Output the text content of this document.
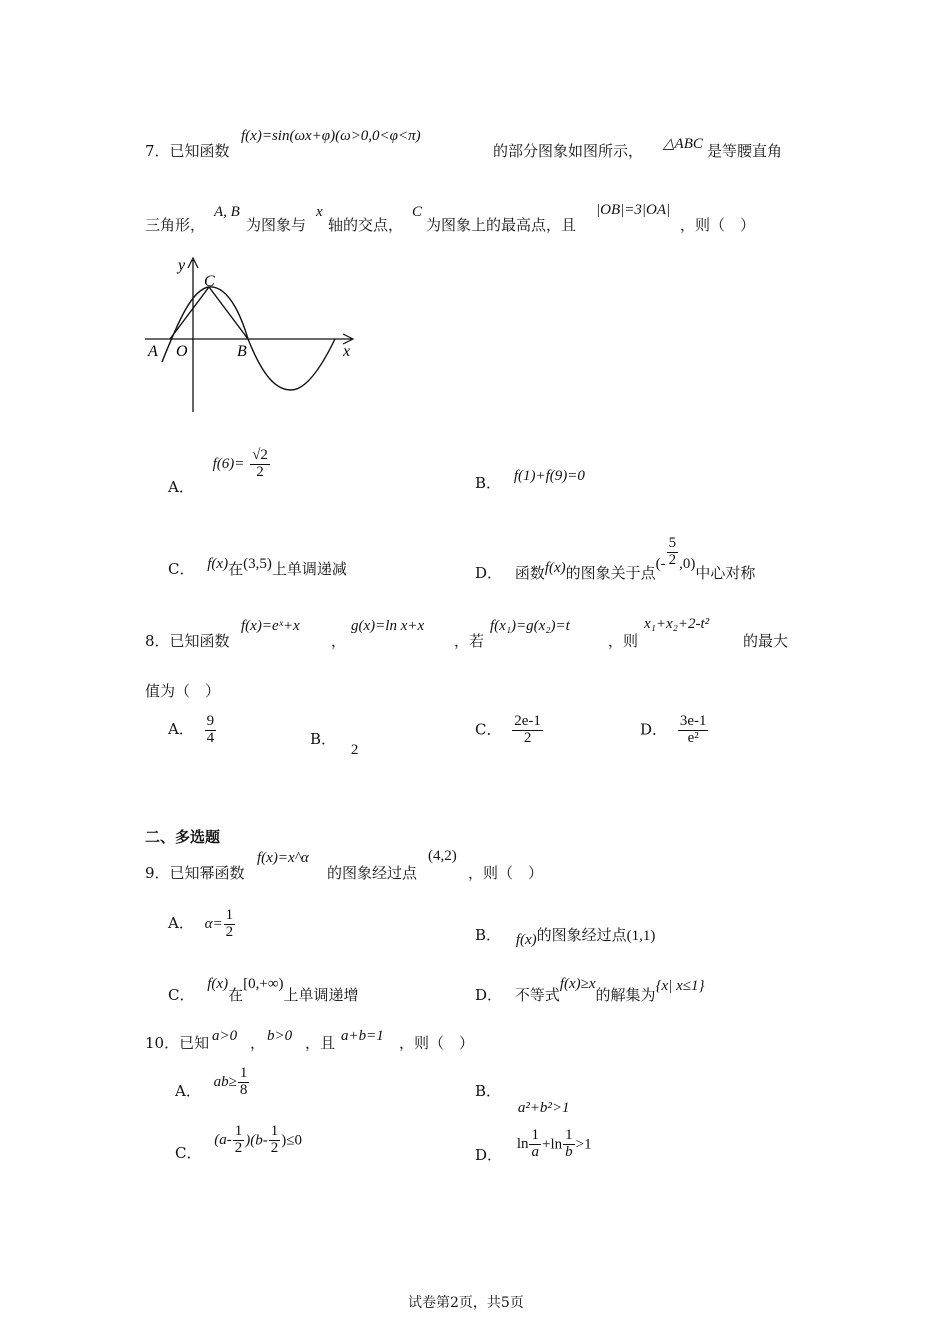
7．已知函数
f(x)=sin(ωx+φ)(ω>0,0<φ<π)
的部分图象如图所示， △ABC 是等腰直角
三角形，
A, B
为图象与
x
轴的交点，
C
为图象上的最高点，且
|OB|=3|OA|
，则（　）
y
C
A O	B	x
A． $f(6)= \frac{√2}{2}$
B． f(1)+f(9)=0
C． f(x)在(3,5)上单调递减	D． 函数f(x)的图象关于点(- $\frac{5}{2} ,0$)中心对称
8．已知函数
f(x)=eˣ+x
，
g(x)=ln x+x
，若
f(x₁)=g(x₂)=t
，则
x₁+x₂+2-t²
的最大
值为（　）
A． $\frac{9}{4}$	B． 2
C． $\frac{2e-1}{2}$	D． $\frac{3e-1}{\text{e²}}$
二、多选题
9．已知幂函数
f(x)=x^α
的图象经过点
(4,2)
，则（　）
A． $\alpha= \frac{1}{2}$	B． f(x)的图象经过点(1,1)
C． f(x)在[0,+∞)上单调递增	D． 不等式f(x)≥x的解集为{x| x≤1}
10．已知 a>0 ， b>0 ，且 a+b=1 ，则（　）
A． $ab\ge \frac{1}{8}$	B． a²+b²>1
C． $(a- \frac{1}{2} )(b- \frac{1}{2} )\le 0$
D． $\ln \frac{1}{a} +\ln \frac{1}{b} >1$
试卷第2页，共5页
